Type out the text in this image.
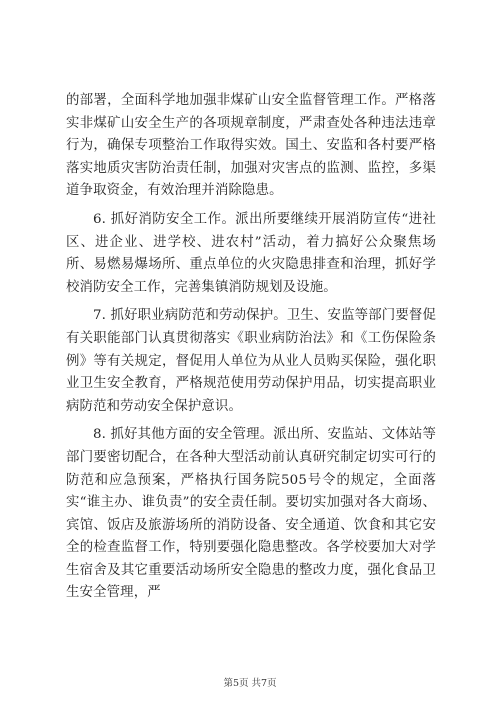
的部署，全面科学地加强非煤矿山安全监督管理工作。严格落实非煤矿山安全生产的各项规章制度，严肃查处各种违法违章行为，确保专项整治工作取得实效。国土、安监和各村要严格落实地质灾害防治责任制，加强对灾害点的监测、监控，多渠道争取资金，有效治理并消除隐患。

6. 抓好消防安全工作。派出所要继续开展消防宣传“进社区、进企业、进学校、进农村”活动，着力搞好公众聚焦场所、易燃易爆场所、重点单位的火灾隐患排查和治理，抓好学校消防安全工作，完善集镇消防规划及设施。

7. 抓好职业病防范和劳动保护。卫生、安监等部门要督促有关职能部门认真贯彻落实《职业病防治法》和《工伤保险条例》等有关规定，督促用人单位为从业人员购买保险，强化职业卫生安全教育，严格规范使用劳动保护用品，切实提高职业病防范和劳动安全保护意识。

8. 抓好其他方面的安全管理。派出所、安监站、文体站等部门要密切配合，在各种大型活动前认真研究制定切实可行的防范和应急预案，严格执行国务院505号令的规定，全面落实“谁主办、谁负责”的安全责任制。要切实加强对各大商场、宾馆、饭店及旅游场所的消防设备、安全通道、饮食和其它安全的检查监督工作，特别要强化隐患整改。各学校要加大对学生宿舍及其它重要活动场所安全隐患的整改力度，强化食品卫生安全管理，严

第5页 共7页
